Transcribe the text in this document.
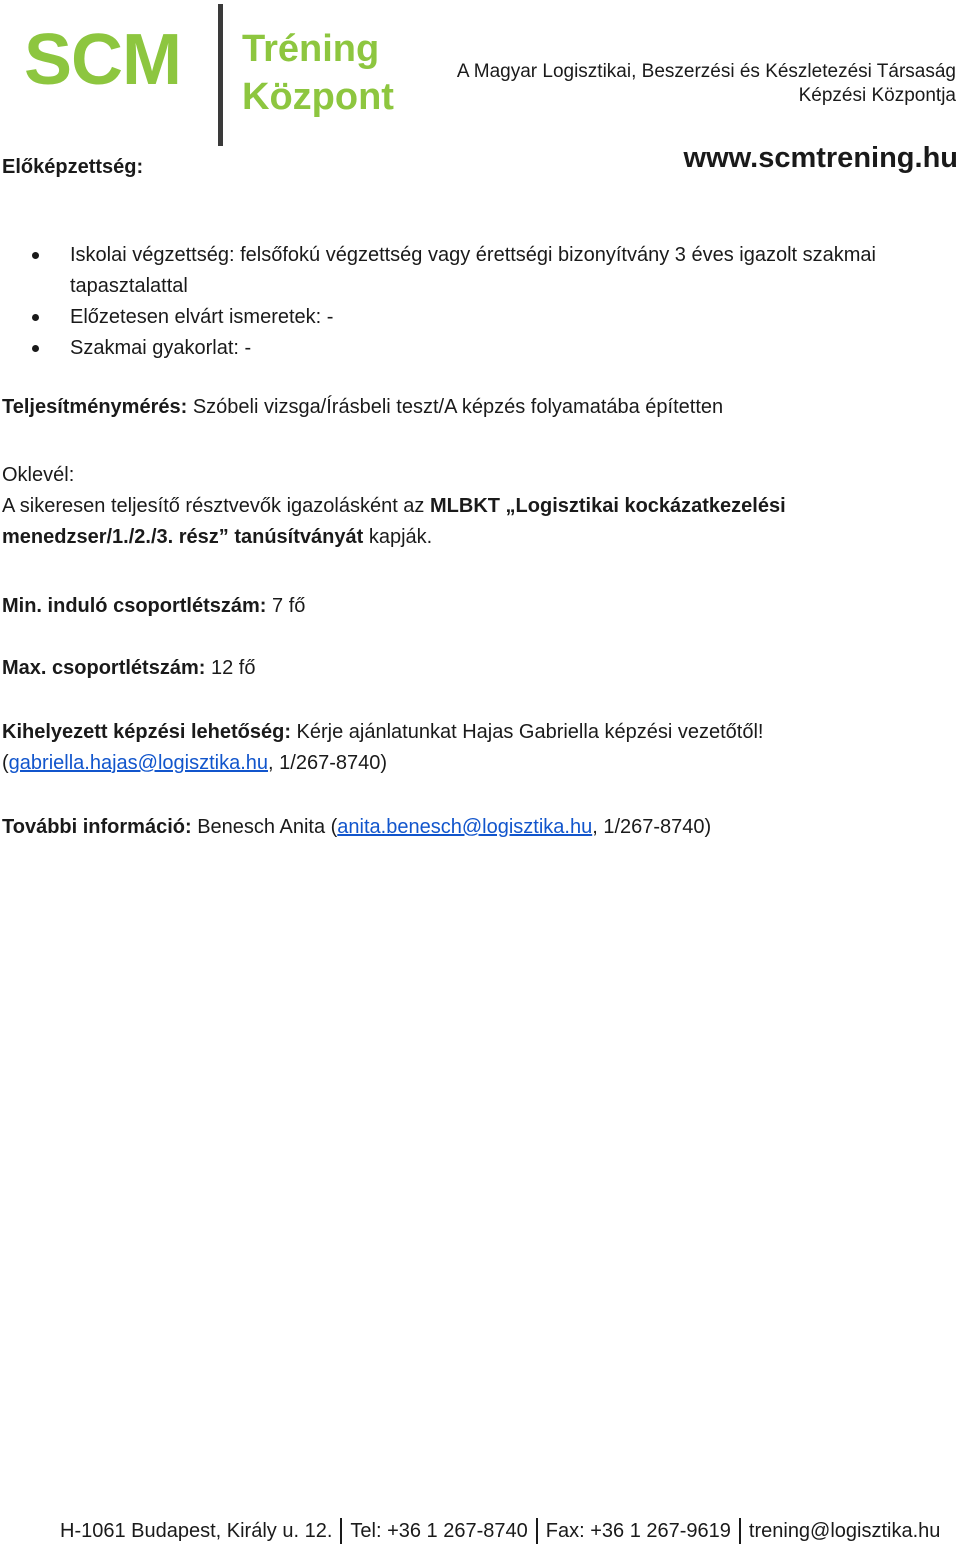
SCM Tréning
Központ
A Magyar Logisztikai, Beszerzési és Készletezési Társaság
Képzési Központja
www.scmtrening.hu
Előképzettség:
Iskolai végzettség: felsőfokú végzettség vagy érettségi bizonyítvány 3 éves igazolt szakmai tapasztalattal
Előzetesen elvárt ismeretek: -
Szakmai gyakorlat: -
Teljesítménymérés: Szóbeli vizsga/Írásbeli teszt/A képzés folyamatába építetten
Oklevél:
A sikeresen teljesítő résztvevők igazolásként az MLBKT „Logisztikai kockázatkezelési
menedzser/1./2./3. rész” tanúsítványát kapják.
Min. induló csoportlétszám: 7 fő
Max. csoportlétszám: 12 fő
Kihelyezett képzési lehetőség: Kérje ajánlatunkat Hajas Gabriella képzési vezetőtől!
(gabriella.hajas@logisztika.hu, 1/267-8740)
További információ: Benesch Anita (anita.benesch@logisztika.hu, 1/267-8740)
H-1061 Budapest, Király u. 12. Tel: +36 1 267-8740 Fax: +36 1 267-9619 trening@logisztika.hu
